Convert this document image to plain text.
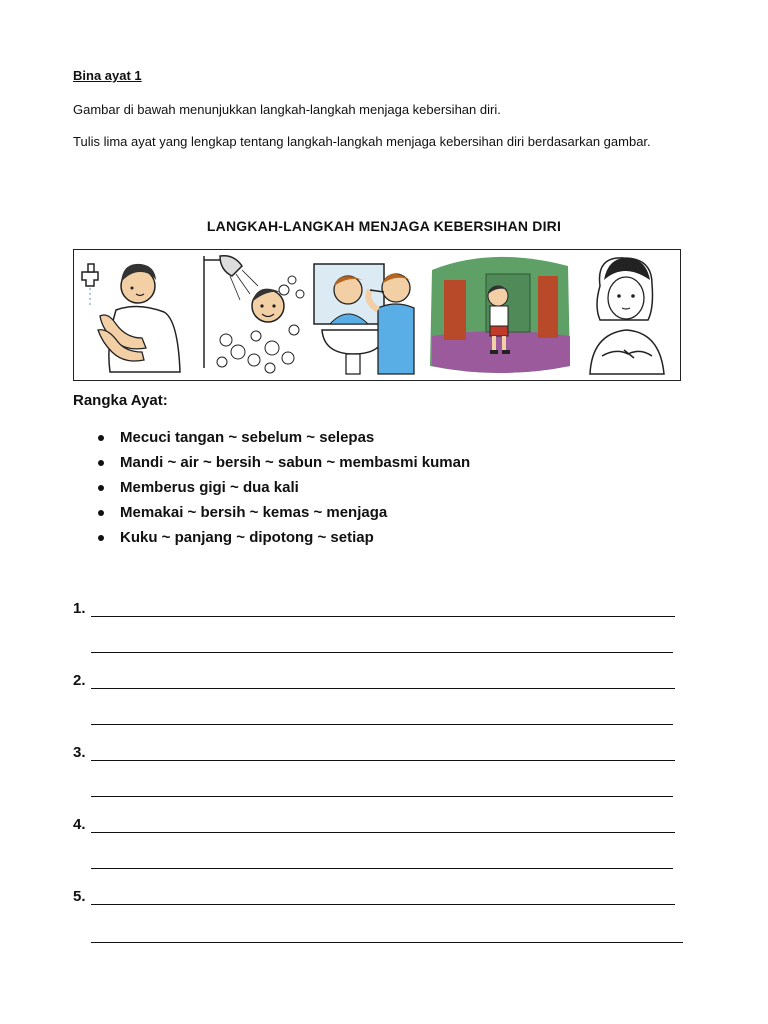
Bina ayat 1
Gambar di bawah menunjukkan langkah-langkah menjaga kebersihan diri.
Tulis lima ayat yang lengkap tentang langkah-langkah menjaga kebersihan diri berdasarkan gambar.
LANGKAH-LANGKAH MENJAGA KEBERSIHAN DIRI
Rangka Ayat:
Mecuci tangan ~ sebelum ~ selepas
Mandi ~ air ~ bersih ~ sabun ~ membasmi kuman
Memberus gigi ~ dua kali
Memakai ~ bersih ~ kemas ~ menjaga
Kuku ~ panjang ~ dipotong ~ setiap
1.
2.
3.
4.
5.
